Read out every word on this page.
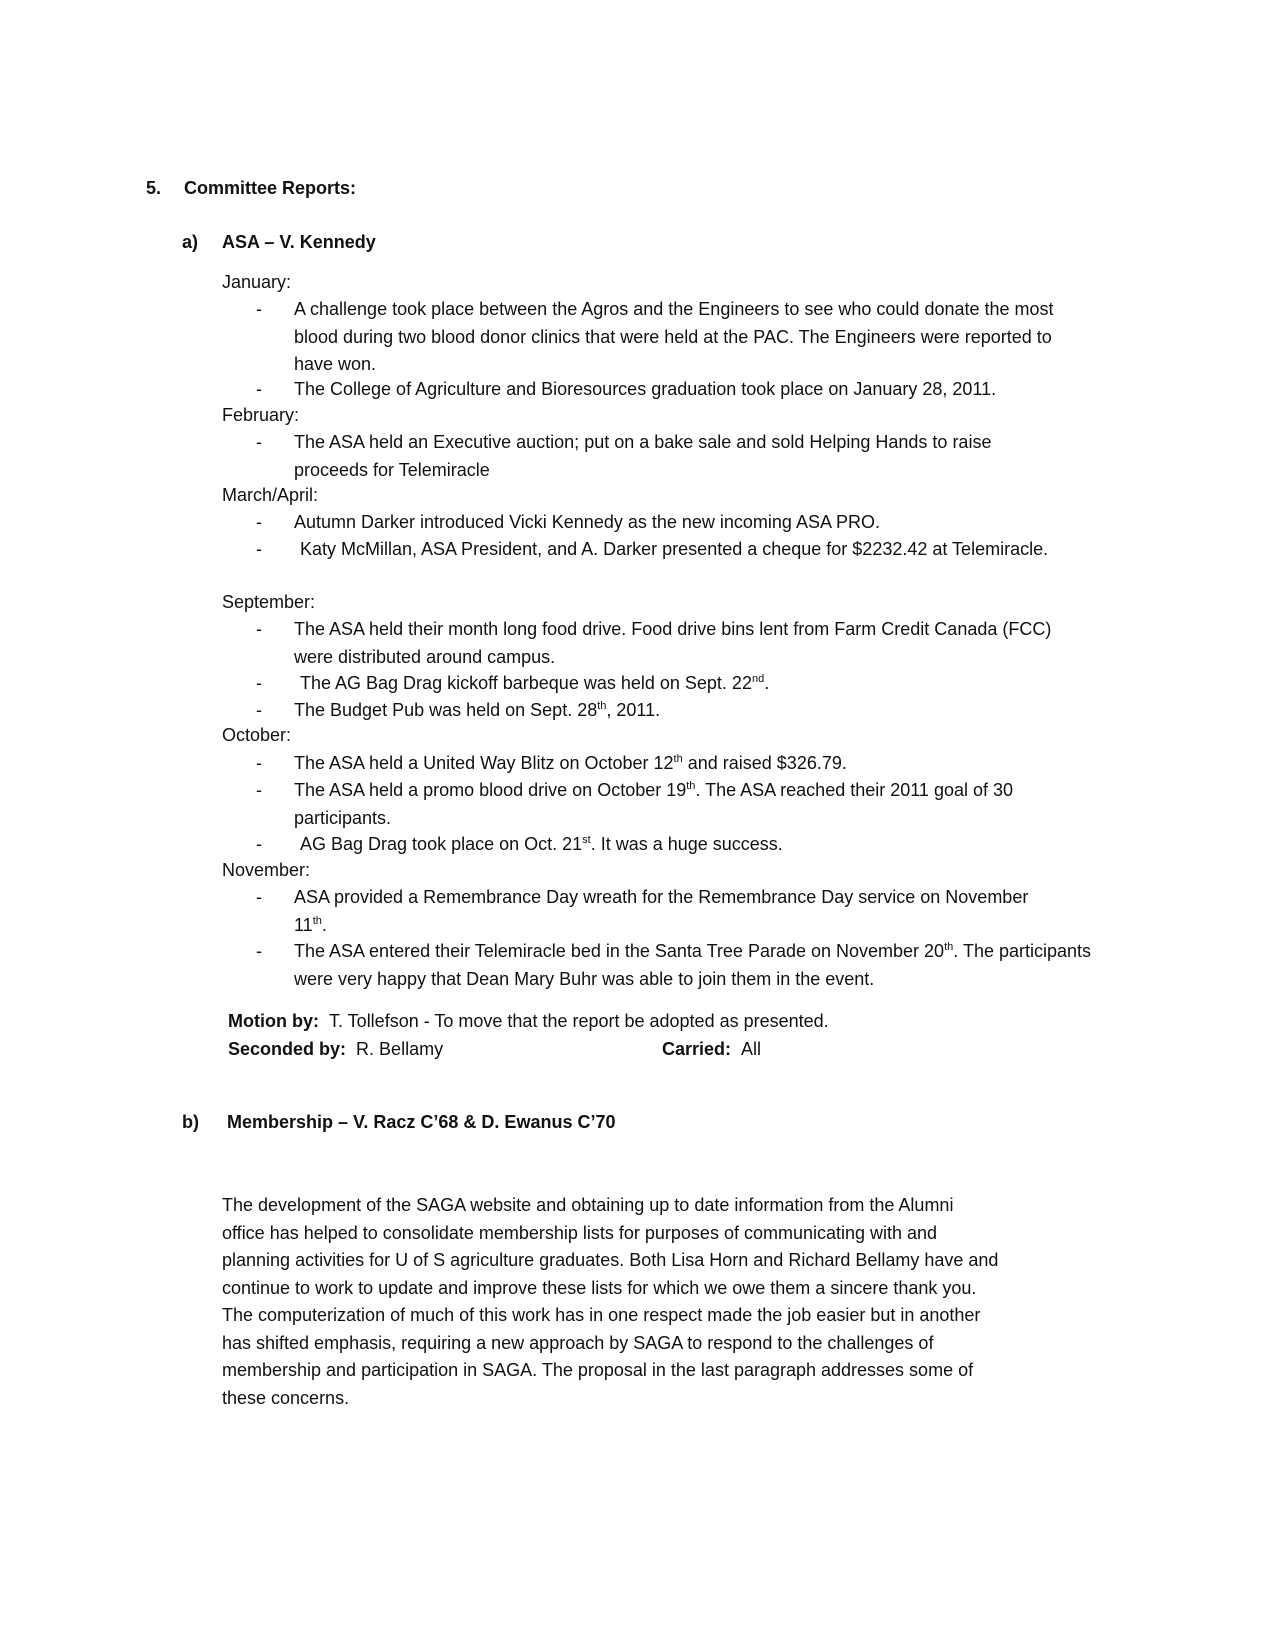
5. Committee Reports:
a) ASA – V. Kennedy
January:
- A challenge took place between the Agros and the Engineers to see who could donate the most blood during two blood donor clinics that were held at the PAC. The Engineers were reported to have won.
- The College of Agriculture and Bioresources graduation took place on January 28, 2011.
February:
- The ASA held an Executive auction; put on a bake sale and sold Helping Hands to raise proceeds for Telemiracle
March/April:
- Autumn Darker introduced Vicki Kennedy as the new incoming ASA PRO.
- Katy McMillan, ASA President, and A. Darker presented a cheque for $2232.42 at Telemiracle.
September:
- The ASA held their month long food drive. Food drive bins lent from Farm Credit Canada (FCC) were distributed around campus.
- The AG Bag Drag kickoff barbeque was held on Sept. 22nd.
- The Budget Pub was held on Sept. 28th, 2011.
October:
- The ASA held a United Way Blitz on October 12th and raised $326.79.
- The ASA held a promo blood drive on October 19th. The ASA reached their 2011 goal of 30 participants.
- AG Bag Drag took place on Oct. 21st. It was a huge success.
November:
- ASA provided a Remembrance Day wreath for the Remembrance Day service on November 11th.
- The ASA entered their Telemiracle bed in the Santa Tree Parade on November 20th. The participants were very happy that Dean Mary Buhr was able to join them in the event.
Motion by: T. Tollefson - To move that the report be adopted as presented.
Seconded by: R. Bellamy	Carried: All
b) Membership – V. Racz C’68 & D. Ewanus C’70
The development of the SAGA website and obtaining up to date information from the Alumni
office has helped to consolidate membership lists for purposes of communicating with and
planning activities for U of S agriculture graduates. Both Lisa Horn and Richard Bellamy have and
continue to work to update and improve these lists for which we owe them a sincere thank you.
The computerization of much of this work has in one respect made the job easier but in another
has shifted emphasis, requiring a new approach by SAGA to respond to the challenges of
membership and participation in SAGA. The proposal in the last paragraph addresses some of
these concerns.
